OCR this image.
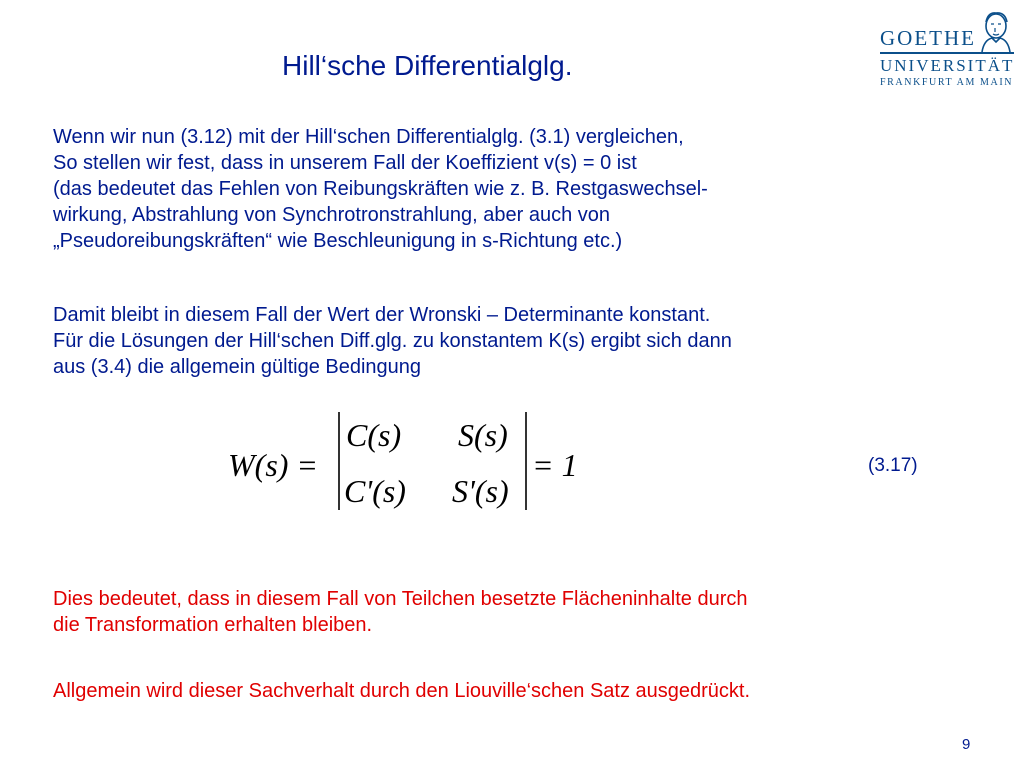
Hill‘sche Differentialglg.
GOETHE
UNIVERSITÄT
FRANKFURT AM MAIN
Wenn wir nun (3.12) mit der Hill‘schen Differentialglg. (3.1) vergleichen,
So stellen wir fest, dass in unserem Fall der Koeffizient v(s) = 0 ist
(das bedeutet das Fehlen von Reibungskräften wie z. B. Restgaswechsel-
wirkung, Abstrahlung von Synchrotronstrahlung, aber auch von
„Pseudoreibungskräften“ wie Beschleunigung in s-Richtung etc.)
Damit bleibt in diesem Fall der Wert der Wronski – Determinante konstant.
Für die Lösungen der Hill‘schen Diff.glg. zu konstantem K(s) ergibt sich dann
aus (3.4) die allgemein gültige Bedingung
W(s) =
C(s) S(s)
C'(s) S'(s)
= 1	(3.17)
Dies bedeutet, dass in diesem Fall von Teilchen besetzte Flächeninhalte durch
die Transformation erhalten bleiben.
Allgemein wird dieser Sachverhalt durch den Liouville‘schen Satz ausgedrückt.
9
